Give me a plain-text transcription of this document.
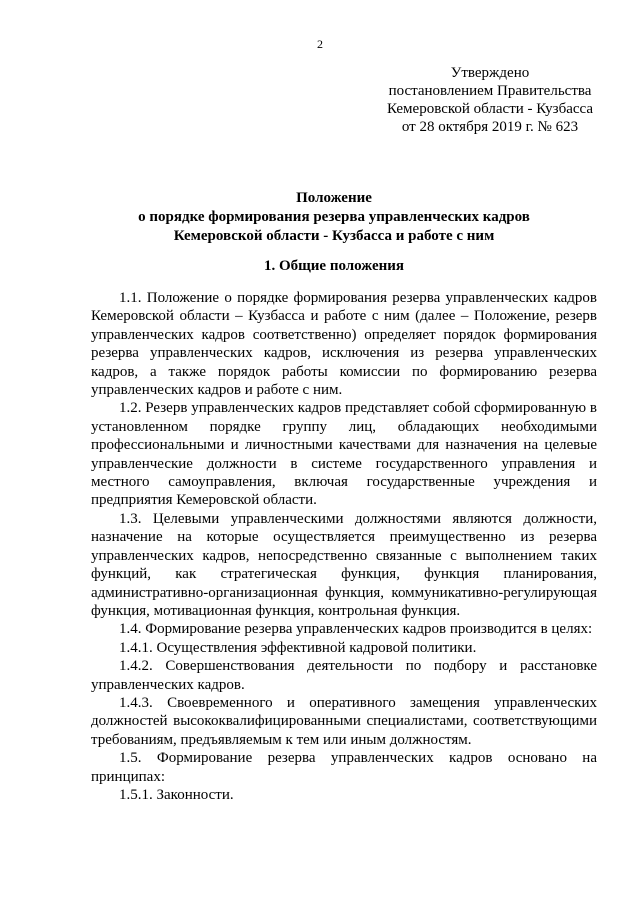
2
Утверждено
постановлением Правительства
Кемеровской области - Кузбасса
от 28 октября 2019 г. № 623
Положение
о порядке формирования резерва управленческих кадров
Кемеровской области - Кузбасса и работе с ним
1. Общие положения

1.1. Положение о порядке формирования резерва управленческих кадров Кемеровской области – Кузбасса и работе с ним (далее – Положение, резерв управленческих кадров соответственно) определяет порядок формирования резерва управленческих кадров, исключения из резерва управленческих кадров, а также порядок работы комиссии по формированию резерва управленческих кадров и работе с ним.

1.2. Резерв управленческих кадров представляет собой сформированную в установленном порядке группу лиц, обладающих необходимыми профессиональными и личностными качествами для назначения на целевые управленческие должности в системе государственного управления и местного самоуправления, включая государственные учреждения и предприятия Кемеровской области.

1.3. Целевыми управленческими должностями являются должности, назначение на которые осуществляется преимущественно из резерва управленческих кадров, непосредственно связанные с выполнением таких функций, как стратегическая функция, функция планирования, административно-организационная функция, коммуникативно-регулирующая функция, мотивационная функция, контрольная функция.

1.4. Формирование резерва управленческих кадров производится в целях:

1.4.1. Осуществления эффективной кадровой политики.

1.4.2. Совершенствования деятельности по подбору и расстановке управленческих кадров.

1.4.3. Своевременного и оперативного замещения управленческих должностей высококвалифицированными специалистами, соответствующими требованиям, предъявляемым к тем или иным должностям.

1.5. Формирование резерва управленческих кадров основано на принципах:

1.5.1. Законности.
